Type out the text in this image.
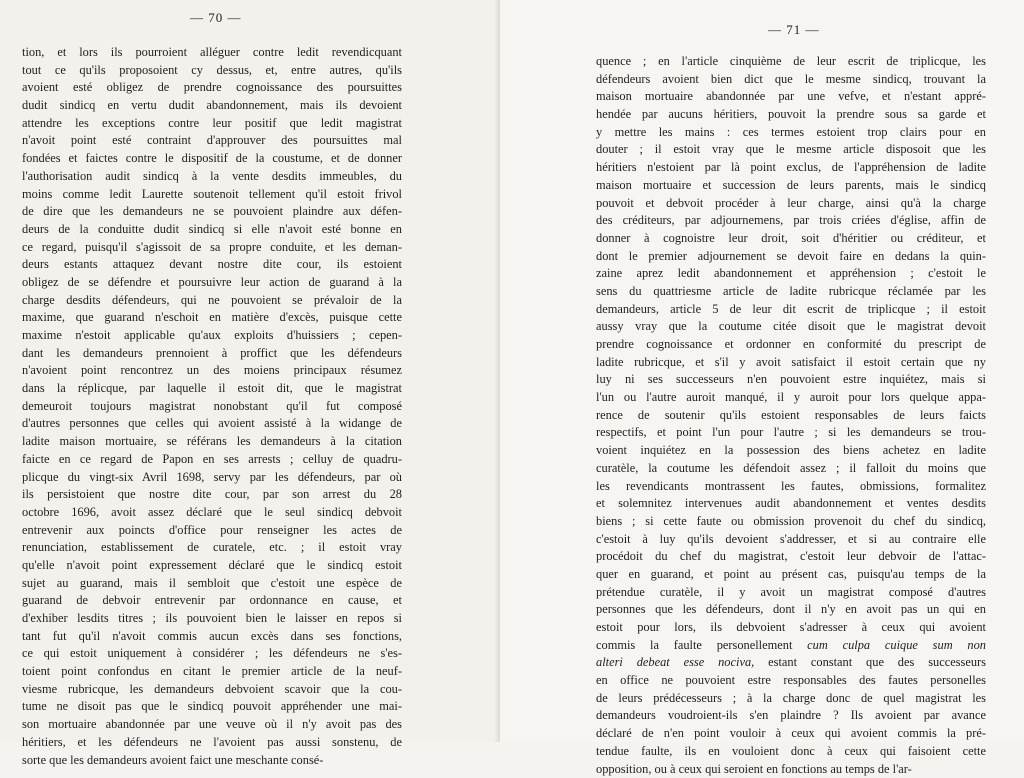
— 70 —
tion, et lors ils pourroient alléguer contre ledit revendicquant
tout ce qu'ils proposoient cy dessus, et, entre autres, qu'ils
avoient esté obligez de prendre cognoissance des poursuittes
dudit sindicq en vertu dudit abandonnement, mais ils devoient
attendre les exceptions contre leur positif que ledit magistrat
n'avoit point esté contraint d'approuver des poursuittes mal
fondées et faictes contre le dispositif de la coustume, et de donner
l'authorisation audit sindicq à la vente desdits immeubles, du
moins comme ledit Laurette soutenoit tellement qu'il estoit frivol
de dire que les demandeurs ne se pouvoient plaindre aux défen-
deurs de la conduitte dudit sindicq si elle n'avoit esté bonne en
ce regard, puisqu'il s'agissoit de sa propre conduite, et les deman-
deurs estants attaquez devant nostre dite cour, ils estoient
obligez de se défendre et poursuivre leur action de guarand à la
charge desdits défendeurs, qui ne pouvoient se prévaloir de la
maxime, que guarand n'eschoit en matière d'excès, puisque cette
maxime n'estoit applicable qu'aux exploits d'huissiers ; cepen-
dant les demandeurs prennoient à proffict que les défendeurs
n'avoient point rencontrez un des moiens principaux résumez
dans la réplicque, par laquelle il estoit dit, que le magistrat
demeuroit toujours magistrat nonobstant qu'il fut composé
d'autres personnes que celles qui avoient assisté à la widange de
ladite maison mortuaire, se référans les demandeurs à la citation
faicte en ce regard de Papon en ses arrests ; celluy de quadru-
plicque du vingt-six Avril 1698, servy par les défendeurs, par où
ils persistoient que nostre dite cour, par son arrest du 28
octobre 1696, avoit assez déclaré que le seul sindicq debvoit
entrevenir aux poincts d'office pour renseigner les actes de
renunciation, establissement de curatele, etc. ; il estoit vray
qu'elle n'avoit point expressement déclaré que le sindicq estoit
sujet au guarand, mais il sembloit que c'estoit une espèce de
guarand de debvoir entrevenir par ordonnance en cause, et
d'exhiber lesdits titres ; ils pouvoient bien le laisser en repos si
tant fut qu'il n'avoit commis aucun excès dans ses fonctions,
ce qui estoit uniquement à considérer ; les défendeurs ne s'es-
toient point confondus en citant le premier article de la neuf-
viesme rubricque, les demandeurs debvoient scavoir que la cou-
tume ne disoit pas que le sindicq pouvoit appréhender une mai-
son mortuaire abandonnée par une veuve où il n'y avoit pas des
héritiers, et les défendeurs ne l'avoient pas aussi sonstenu, de
sorte que les demandeurs avoient faict une meschante consé-
— 71 —
quence ; en l'article cinquième de leur escrit de triplicque, les
défendeurs avoient bien dict que le mesme sindicq, trouvant la
maison mortuaire abandonnée par une vefve, et n'estant appré-
hendée par aucuns héritiers, pouvoit la prendre sous sa garde et
y mettre les mains : ces termes estoient trop clairs pour en
douter ; il estoit vray que le mesme article disposoit que les
héritiers n'estoient par là point exclus, de l'appréhension de ladite
maison mortuaire et succession de leurs parents, mais le sindicq
pouvoit et debvoit procéder à leur charge, ainsi qu'à la charge
des créditeurs, par adjournemens, par trois criées d'église, affin de
donner à cognoistre leur droit, soit d'héritier ou créditeur, et
dont le premier adjournement se devoit faire en dedans la quin-
zaine aprez ledit abandonnement et appréhension ; c'estoit le
sens du quattriesme article de ladite rubricque réclamée par les
demandeurs, article 5 de leur dit escrit de triplicque ; il estoit
aussy vray que la coutume citée disoit que le magistrat devoit
prendre cognoissance et ordonner en conformité du prescript de
ladite rubricque, et s'il y avoit satisfaict il estoit certain que ny
luy ni ses successeurs n'en pouvoient estre inquiétez, mais si
l'un ou l'autre auroit manqué, il y auroit pour lors quelque appa-
rence de soutenir qu'ils estoient responsables de leurs faicts
respectifs, et point l'un pour l'autre ; si les demandeurs se trou-
voient inquiétez en la possession des biens achetez en ladite
curatèle, la coutume les défendoit assez ; il falloit du moins que
les revendicants montrassent les fautes, obmissions, formalitez
et solemnitez intervenues audit abandonnement et ventes desdits
biens ; si cette faute ou obmission provenoit du chef du sindicq,
c'estoit à luy qu'ils devoient s'addresser, et si au contraire elle
procédoit du chef du magistrat, c'estoit leur debvoir de l'attac-
quer en guarand, et point au présent cas, puisqu'au temps de la
prétendue curatèle, il y avoit un magistrat composé d'autres
personnes que les défendeurs, dont il n'y en avoit pas un qui en
estoit pour lors, ils debvoient s'adresser à ceux qui avoient
commis la faulte personellement cum culpa cuique sum non
alteri debeat esse nociva, estant constant que des successeurs
en office ne pouvoient estre responsables des fautes personelles
de leurs prédécesseurs ; à la charge donc de quel magistrat les
demandeurs voudroient-ils s'en plaindre ? Ils avoient par avance
déclaré de n'en point vouloir à ceux qui avoient commis la pré-
tendue faulte, ils en vouloient donc à ceux qui faisoient cette
opposition, ou à ceux qui seroient en fonctions au temps de l'ar-
